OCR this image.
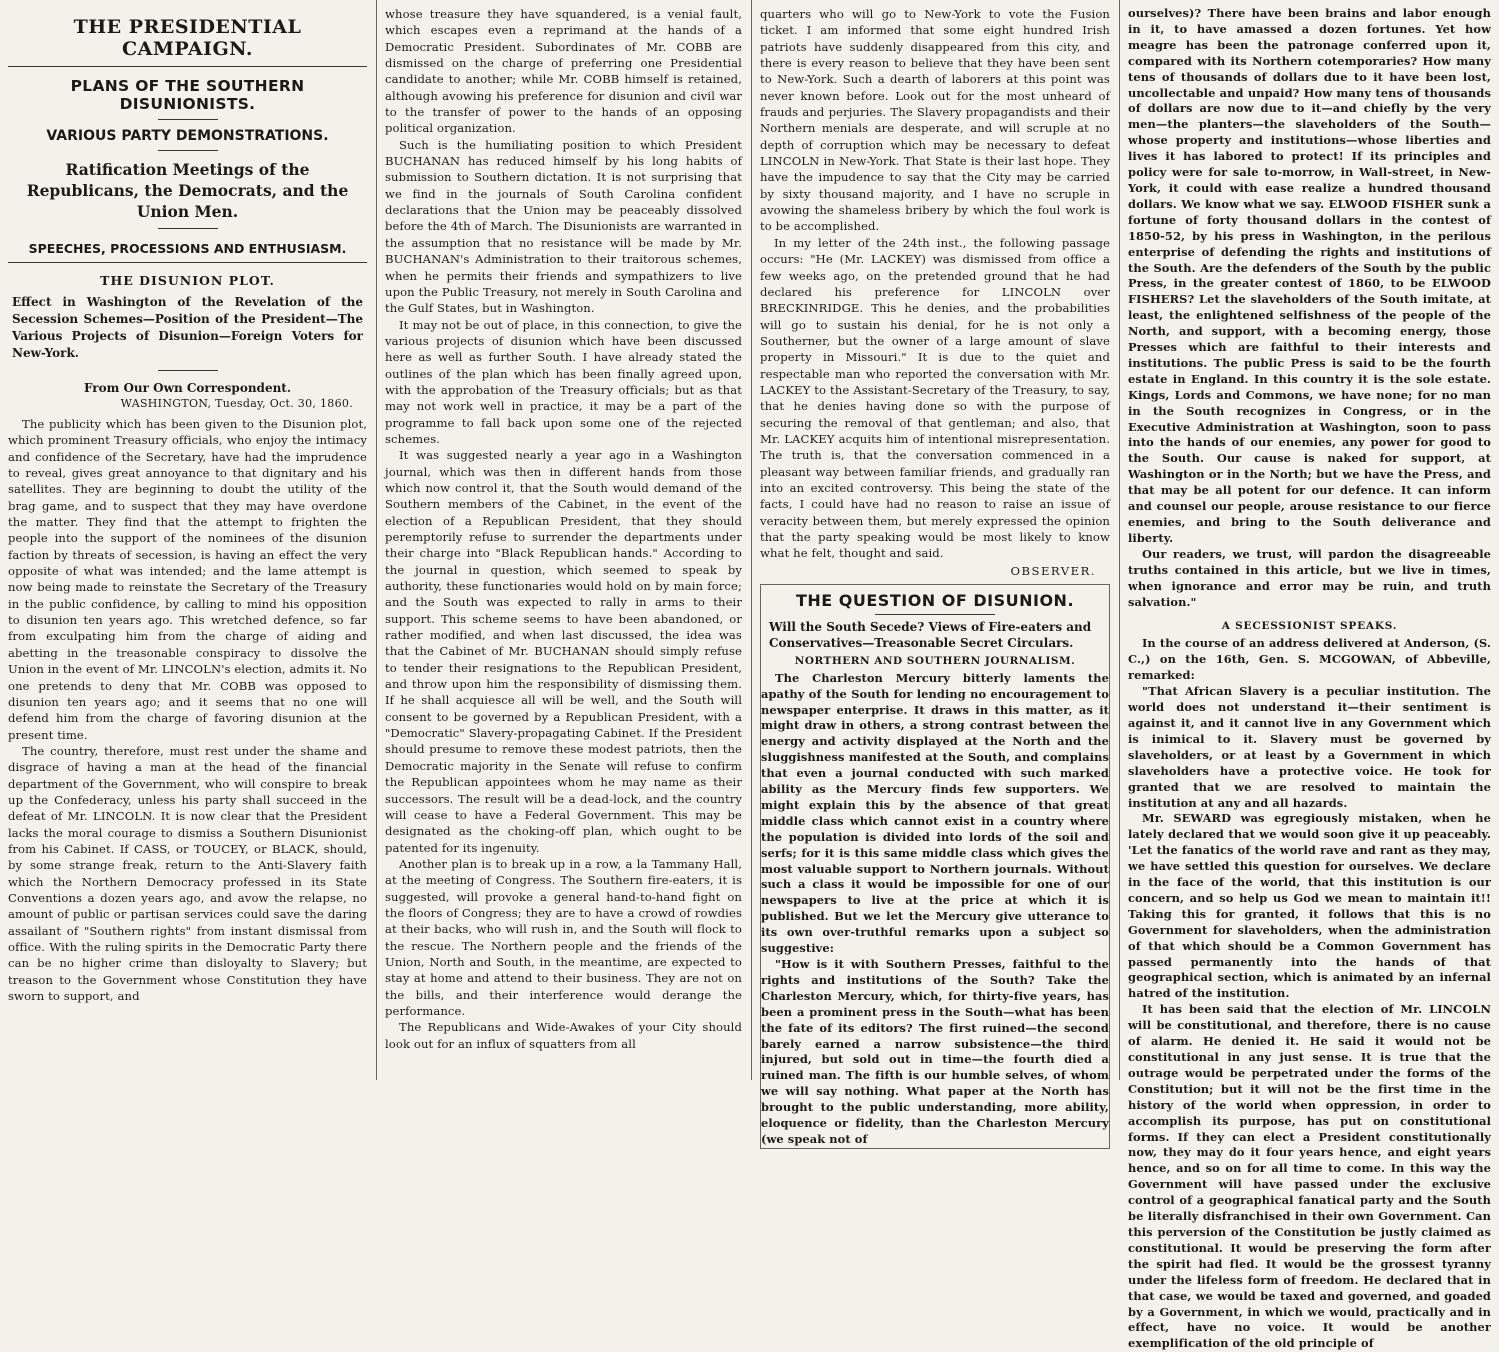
THE PRESIDENTIAL CAMPAIGN.
PLANS OF THE SOUTHERN DISUNIONISTS.
VARIOUS PARTY DEMONSTRATIONS.
Ratification Meetings of the Republicans, the Democrats, and the Union Men.
SPEECHES, PROCESSIONS AND ENTHUSIASM.
THE DISUNION PLOT.
Effect in Washington of the Revelation of the Secession Schemes—Position of the President—The Various Projects of Disunion—Foreign Voters for New-York.
From Our Own Correspondent.
WASHINGTON, Tuesday, Oct. 30, 1860.

The publicity which has been given to the Disunion plot, which prominent Treasury officials, who enjoy the intimacy and confidence of the Secretary, have had the imprudence to reveal, gives great annoyance to that dignitary and his satellites. They are beginning to doubt the utility of the brag game, and to suspect that they may have overdone the matter. They find that the attempt to frighten the people into the support of the nominees of the disunion faction by threats of secession, is having an effect the very opposite of what was intended; and the lame attempt is now being made to reinstate the Secretary of the Treasury in the public confidence, by calling to mind his opposition to disunion ten years ago. This wretched defence, so far from exculpating him from the charge of aiding and abetting in the treasonable conspiracy to dissolve the Union in the event of Mr. LINCOLN's election, admits it. No one pretends to deny that Mr. COBB was opposed to disunion ten years ago; and it seems that no one will defend him from the charge of favoring disunion at the present time.

The country, therefore, must rest under the shame and disgrace of having a man at the head of the financial department of the Government, who will conspire to break up the Confederacy, unless his party shall succeed in the defeat of Mr. LINCOLN. It is now clear that the President lacks the moral courage to dismiss a Southern Disunionist from his Cabinet. If CASS, or TOUCEY, or BLACK, should, by some strange freak, return to the Anti-Slavery faith which the Northern Democracy professed in its State Conventions a dozen years ago, and avow the relapse, no amount of public or partisan services could save the daring assailant of "Southern rights" from instant dismissal from office. With the ruling spirits in the Democratic Party there can be no higher crime than disloyalty to Slavery; but treason to the Government whose Constitution they have sworn to support, and

whose treasure they have squandered, is a venial fault, which escapes even a reprimand at the hands of a Democratic President. Subordinates of Mr. COBB are dismissed on the charge of preferring one Presidential candidate to another; while Mr. COBB himself is retained, although avowing his preference for disunion and civil war to the transfer of power to the hands of an opposing political organization.

Such is the humiliating position to which President BUCHANAN has reduced himself by his long habits of submission to Southern dictation. It is not surprising that we find in the journals of South Carolina confident declarations that the Union may be peaceably dissolved before the 4th of March. The Disunionists are warranted in the assumption that no resistance will be made by Mr. BUCHANAN's Administration to their traitorous schemes, when he permits their friends and sympathizers to live upon the Public Treasury, not merely in South Carolina and the Gulf States, but in Washington.

It may not be out of place, in this connection, to give the various projects of disunion which have been discussed here as well as further South. I have already stated the outlines of the plan which has been finally agreed upon, with the approbation of the Treasury officials; but as that may not work well in practice, it may be a part of the programme to fall back upon some one of the rejected schemes.

It was suggested nearly a year ago in a Washington journal, which was then in different hands from those which now control it, that the South would demand of the Southern members of the Cabinet, in the event of the election of a Republican President, that they should peremptorily refuse to surrender the departments under their charge into "Black Republican hands." According to the journal in question, which seemed to speak by authority, these functionaries would hold on by main force; and the South was expected to rally in arms to their support. This scheme seems to have been abandoned, or rather modified, and when last discussed, the idea was that the Cabinet of Mr. BUCHANAN should simply refuse to tender their resignations to the Republican President, and throw upon him the responsibility of dismissing them. If he shall acquiesce all will be well, and the South will consent to be governed by a Republican President, with a "Democratic" Slavery-propagating Cabinet. If the President should presume to remove these modest patriots, then the Democratic majority in the Senate will refuse to confirm the Republican appointees whom he may name as their successors. The result will be a dead-lock, and the country will cease to have a Federal Government. This may be designated as the choking-off plan, which ought to be patented for its ingenuity.

Another plan is to break up in a row, a la Tammany Hall, at the meeting of Congress. The Southern fire-eaters, it is suggested, will provoke a general hand-to-hand fight on the floors of Congress; they are to have a crowd of rowdies at their backs, who will rush in, and the South will flock to the rescue. The Northern people and the friends of the Union, North and South, in the meantime, are expected to stay at home and attend to their business. They are not on the bills, and their interference would derange the performance.

The Republicans and Wide-Awakes of your City should look out for an influx of squatters from all

quarters who will go to New-York to vote the Fusion ticket. I am informed that some eight hundred Irish patriots have suddenly disappeared from this city, and there is every reason to believe that they have been sent to New-York. Such a dearth of laborers at this point was never known before. Look out for the most unheard of frauds and perjuries. The Slavery propagandists and their Northern menials are desperate, and will scruple at no depth of corruption which may be necessary to defeat LINCOLN in New-York. That State is their last hope. They have the impudence to say that the City may be carried by sixty thousand majority, and I have no scruple in avowing the shameless bribery by which the foul work is to be accomplished.

In my letter of the 24th inst., the following passage occurs: "He (Mr. LACKEY) was dismissed from office a few weeks ago, on the pretended ground that he had declared his preference for LINCOLN over BRECKINRIDGE. This he denies, and the probabilities will go to sustain his denial, for he is not only a Southerner, but the owner of a large amount of slave property in Missouri." It is due to the quiet and respectable man who reported the conversation with Mr. LACKEY to the Assistant-Secretary of the Treasury, to say, that he denies having done so with the purpose of securing the removal of that gentleman; and also, that Mr. LACKEY acquits him of intentional misrepresentation. The truth is, that the conversation commenced in a pleasant way between familiar friends, and gradually ran into an excited controversy. This being the state of the facts, I could have had no reason to raise an issue of veracity between them, but merely expressed the opinion that the party speaking would be most likely to know what he felt, thought and said.

OBSERVER.
THE QUESTION OF DISUNION.
Will the South Secede? Views of Fire-eaters and Conservatives—Treasonable Secret Circulars.
NORTHERN AND SOUTHERN JOURNALISM.

The Charleston Mercury bitterly laments the apathy of the South for lending no encouragement to newspaper enterprise. It draws in this matter, as it might draw in others, a strong contrast between the energy and activity displayed at the North and the sluggishness manifested at the South, and complains that even a journal conducted with such marked ability as the Mercury finds few supporters. We might explain this by the absence of that great middle class which cannot exist in a country where the population is divided into lords of the soil and serfs; for it is this same middle class which gives the most valuable support to Northern journals. Without such a class it would be impossible for one of our newspapers to live at the price at which it is published. But we let the Mercury give utterance to its own over-truthful remarks upon a subject so suggestive:

"How is it with Southern Presses, faithful to the rights and institutions of the South? Take the Charleston Mercury, which, for thirty-five years, has been a prominent press in the South—what has been the fate of its editors? The first ruined—the second barely earned a narrow subsistence—the third injured, but sold out in time—the fourth died a ruined man. The fifth is our humble selves, of whom we will say nothing. What paper at the North has brought to the public understanding, more ability, eloquence or fidelity, than the Charleston Mercury (we speak not of

ourselves)? There have been brains and labor enough in it, to have amassed a dozen fortunes. Yet how meagre has been the patronage conferred upon it, compared with its Northern cotemporaries? How many tens of thousands of dollars due to it have been lost, uncollectable and unpaid? How many tens of thousands of dollars are now due to it—and chiefly by the very men—the planters—the slaveholders of the South—whose property and institutions—whose liberties and lives it has labored to protect! If its principles and policy were for sale to-morrow, in Wall-street, in New-York, it could with ease realize a hundred thousand dollars. We know what we say. ELWOOD FISHER sunk a fortune of forty thousand dollars in the contest of 1850-52, by his press in Washington, in the perilous enterprise of defending the rights and institutions of the South. Are the defenders of the South by the public Press, in the greater contest of 1860, to be ELWOOD FISHERS? Let the slaveholders of the South imitate, at least, the enlightened selfishness of the people of the North, and support, with a becoming energy, those Presses which are faithful to their interests and institutions. The public Press is said to be the fourth estate in England. In this country it is the sole estate. Kings, Lords and Commons, we have none; for no man in the South recognizes in Congress, or in the Executive Administration at Washington, soon to pass into the hands of our enemies, any power for good to the South. Our cause is naked for support, at Washington or in the North; but we have the Press, and that may be all potent for our defence. It can inform and counsel our people, arouse resistance to our fierce enemies, and bring to the South deliverance and liberty.

Our readers, we trust, will pardon the disagreeable truths contained in this article, but we live in times, when ignorance and error may be ruin, and truth salvation."

A SECESSIONIST SPEAKS.

In the course of an address delivered at Anderson, (S. C.,) on the 16th, Gen. S. MCGOWAN, of Abbeville, remarked:

"That African Slavery is a peculiar institution. The world does not understand it—their sentiment is against it, and it cannot live in any Government which is inimical to it. Slavery must be governed by slaveholders, or at least by a Government in which slaveholders have a protective voice. He took for granted that we are resolved to maintain the institution at any and all hazards.

Mr. SEWARD was egregiously mistaken, when he lately declared that we would soon give it up peaceably. 'Let the fanatics of the world rave and rant as they may, we have settled this question for ourselves. We declare in the face of the world, that this institution is our concern, and so help us God we mean to maintain it!! Taking this for granted, it follows that this is no Government for slaveholders, when the administration of that which should be a Common Government has passed permanently into the hands of that geographical section, which is animated by an infernal hatred of the institution.

It has been said that the election of Mr. LINCOLN will be constitutional, and therefore, there is no cause of alarm. He denied it. He said it would not be constitutional in any just sense. It is true that the outrage would be perpetrated under the forms of the Constitution; but it will not be the first time in the history of the world when oppression, in order to accomplish its purpose, has put on constitutional forms. If they can elect a President constitutionally now, they may do it four years hence, and eight years hence, and so on for all time to come. In this way the Government will have passed under the exclusive control of a geographical fanatical party and the South be literally disfranchised in their own Government. Can this perversion of the Constitution be justly claimed as constitutional. It would be preserving the form after the spirit had fled. It would be the grossest tyranny under the lifeless form of freedom. He declared that in that case, we would be taxed and governed, and goaded by a Government, in which we would, practically and in effect, have no voice. It would be another exemplification of the old principle of
